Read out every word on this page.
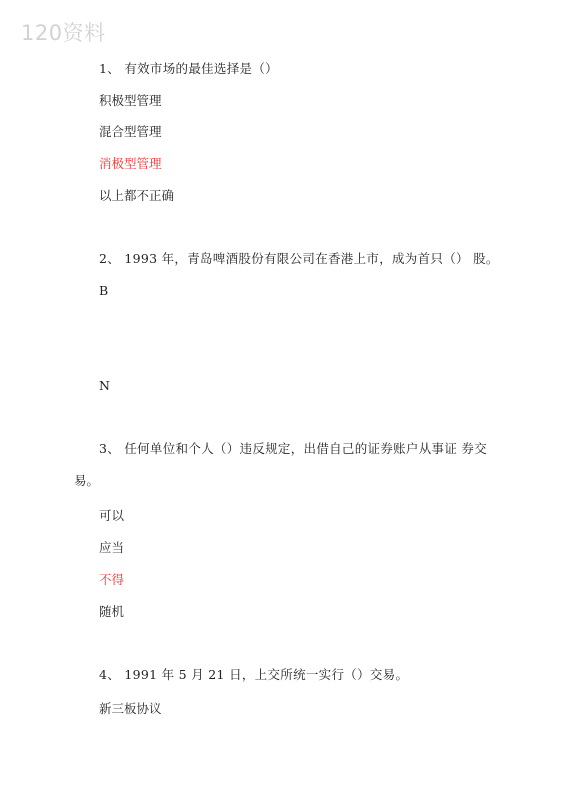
120资料
1、 有效市场的最佳选择是（）
积极型管理
混合型管理
消极型管理
以上都不正确
2、 1993 年，青岛啤酒股份有限公司在香港上市，成为首只（） 股。
B
N
3、 任何单位和个人（）违反规定，出借自己的证券账户从事证 券交
易。
可以
应当
不得
随机
4、 1991 年 5 月 21 日，上交所统一实行（）交易。
新三板协议
